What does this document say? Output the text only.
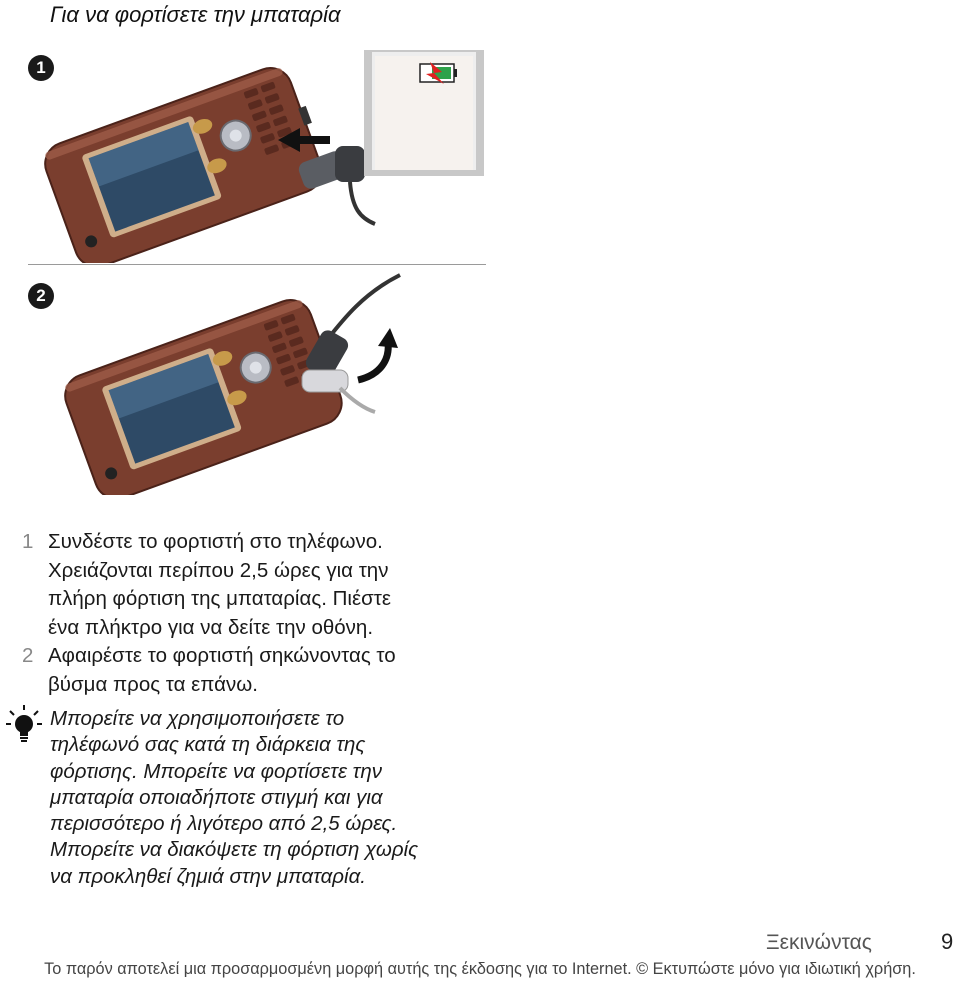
Για να φορτίσετε την μπαταρία
1
2
1 Συνδέστε το φορτιστή στο τηλέφωνο.
Χρειάζονται περίπου 2,5 ώρες για την
πλήρη φόρτιση της μπαταρίας. Πιέστε
ένα πλήκτρο για να δείτε την οθόνη.
2 Αφαιρέστε το φορτιστή σηκώνοντας το
βύσμα προς τα επάνω.
Μπορείτε να χρησιμοποιήσετε το
τηλέφωνό σας κατά τη διάρκεια της
φόρτισης. Μπορείτε να φορτίσετε την
μπαταρία οποιαδήποτε στιγμή και για
περισσότερο ή λιγότερο από 2,5 ώρες.
Μπορείτε να διακόψετε τη φόρτιση χωρίς
να προκληθεί ζημιά στην μπαταρία.
Ξεκινώντας	9
Το παρόν αποτελεί μια προσαρμοσμένη μορφή αυτής της έκδοσης για το Internet. © Εκτυπώστε μόνο για ιδιωτική χρήση.
